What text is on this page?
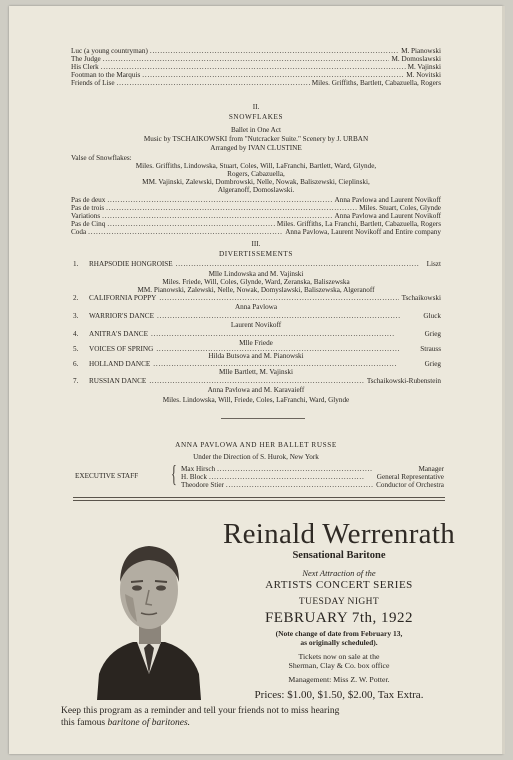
Luc (a young countryman) . . .	M. Pianowski
The Judge . . .	M. Domoslawski
His Clerk . . .	M. Vajinski
Footman to the Marquis . . .	M. Novitski
Friends of Lise . . .	Miles. Griffiths, Bartlett, Cabazuella, Rogers
II.
SNOWFLAKES
Ballet in One Act
Music by TSCHAIKOWSKI from "Nutcracker Suite." Scenery by J. URBAN
Arranged by IVAN CLUSTINE
Valse of Snowflakes:
Miles. Griffiths, Lindowska, Stuart, Coles, Will, LaFranchi, Bartlett, Ward, Glynde,
Rogers, Cabazuella,
MM. Vajinski, Zalewski, Dombrowski, Nelle, Nowak, Baliszewski, Cieplinski,
Algeranoff, Domoslawski.
Pas de deux . . .	Anna Pavlowa and Laurent Novikoff
Pas de trois . . .	Miles. Stuart, Coles, Glynde
Variations . . .	Anna Pavlowa and Laurent Novikoff
Pas de Cinq . . .	Miles. Griffiths, La Franchi, Bartlett, Cabazuella, Rogers
Coda . . .	Anna Pavlowa, Laurent Novikoff and Entire company
III.
DIVERTISSEMENTS
1. RHAPSODIE HONGROISE . . .	Liszt
Mlle Lindowska and M. Vajinski
Miles. Friede, Will, Coles, Glynde, Ward, Zeranska, Baliszewska
MM. Pianowski, Zalewski, Nelle, Nowak, Domyslawski, Baliszewska, Algeranoff
2. CALIFORNIA POPPY . . .	Tschaikowski
Anna Pavlowa
3. WARRIOR'S DANCE . . .	Gluck
Laurent Novikoff
4. ANITRA'S DANCE . . .	Grieg
Mlle Friede
5. VOICES OF SPRING . . .	Strauss
Hilda Butsova and M. Pianowski
6. HOLLAND DANCE . . .	Grieg
Mlle Bartlett, M. Vajinski
7. RUSSIAN DANCE . . .	Tschaikowski-Rubenstein
Anna Pavlowa and M. Karavaieff
Miles. Lindowska, Will, Friede, Coles, LaFranchi, Ward, Glynde
ANNA PAVLOWA AND HER BALLET RUSSE
Under the Direction of S. Hurok, New York
EXECUTIVE STAFF { Max Hirsch . . .	Manager
H. Block . . .	General Representative
Theodore Stier . . .	Conductor of Orchestra
Reinald Werrenrath
Sensational Baritone
Next Attraction of the
ARTISTS CONCERT SERIES
TUESDAY NIGHT
FEBRUARY 7th, 1922
(Note change of date from February 13,
as originally scheduled).
Tickets now on sale at the
Sherman, Clay & Co. box office
Management: Miss Z. W. Potter.
Prices: $1.00, $1.50, $2.00, Tax Extra.
Keep this program as a reminder and tell your friends not to miss hearing
this famous baritone of baritones.
